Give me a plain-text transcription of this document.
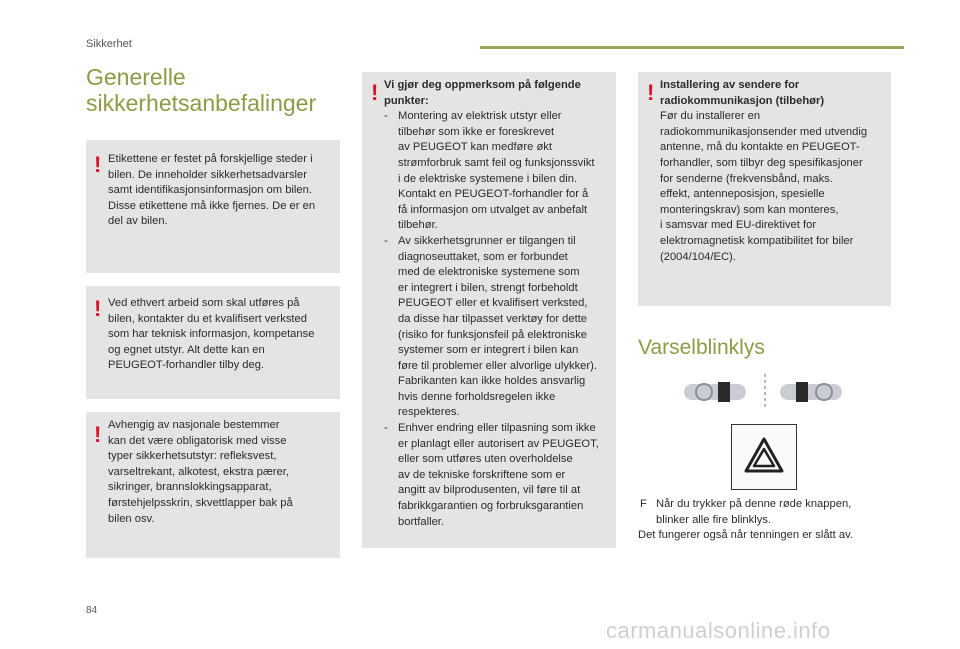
Sikkerhet
Generelle
sikkerhetsanbefalinger
! Etikettene er festet på forskjellige steder i

bilen. De inneholder sikkerhetsadvarsler

samt identifikasjonsinformasjon om bilen.

Disse etikettene må ikke fjernes. De er en

del av bilen.

! Ved ethvert arbeid som skal utføres på

bilen, kontakter du et kvalifisert verksted

som har teknisk informasjon, kompetanse

og egnet utstyr. Alt dette kan en

PEUGEOT-forhandler tilby deg.

! Avhengig av nasjonale bestemmer

kan det være obligatorisk med visse

typer sikkerhetsutstyr: refleksvest,

varseltrekant, alkotest, ekstra pærer,

sikringer, brannslokkingsapparat,

førstehjelpsskrin, skvettlapper bak på

bilen osv.

! Vi gjør deg oppmerksom på følgende

punkter:

- Montering av elektrisk utstyr eller

tilbehør som ikke er foreskrevet

av PEUGEOT kan medføre økt

strømforbruk samt feil og funksjonssvikt

i de elektriske systemene i bilen din.

Kontakt en PEUGEOT-forhandler for å

få informasjon om utvalget av anbefalt

tilbehør.

- Av sikkerhetsgrunner er tilgangen til

diagnoseuttaket, som er forbundet

med de elektroniske systemene som

er integrert i bilen, strengt forbeholdt

PEUGEOT eller et kvalifisert verksted,

da disse har tilpasset verktøy for dette

(risiko for funksjonsfeil på elektroniske

systemer som er integrert i bilen kan

føre til problemer eller alvorlige ulykker).

Fabrikanten kan ikke holdes ansvarlig

hvis denne forholdsregelen ikke

respekteres.

- Enhver endring eller tilpasning som ikke

er planlagt eller autorisert av PEUGEOT,

eller som utføres uten overholdelse

av de tekniske forskriftene som er

angitt av bilprodusenten, vil føre til at

fabrikkgarantien og forbruksgarantien

bortfaller.

! Installering av sendere for

radiokommunikasjon (tilbehør)

Før du installerer en

radiokommunikasjonsender med utvendig

antenne, må du kontakte en PEUGEOT-

forhandler, som tilbyr deg spesifikasjoner

for senderne (frekvensbånd, maks.

effekt, antenneposisjon, spesielle

monteringskrav) som kan monteres,

i samsvar med EU-direktivet for

elektromagnetisk kompatibilitet for biler

(2004/104/EC).

Varselblinklys
F Når du trykker på denne røde knappen,
blinker alle fire blinklys.
Det fungerer også når tenningen er slått av.
84
carmanualsonline.info
